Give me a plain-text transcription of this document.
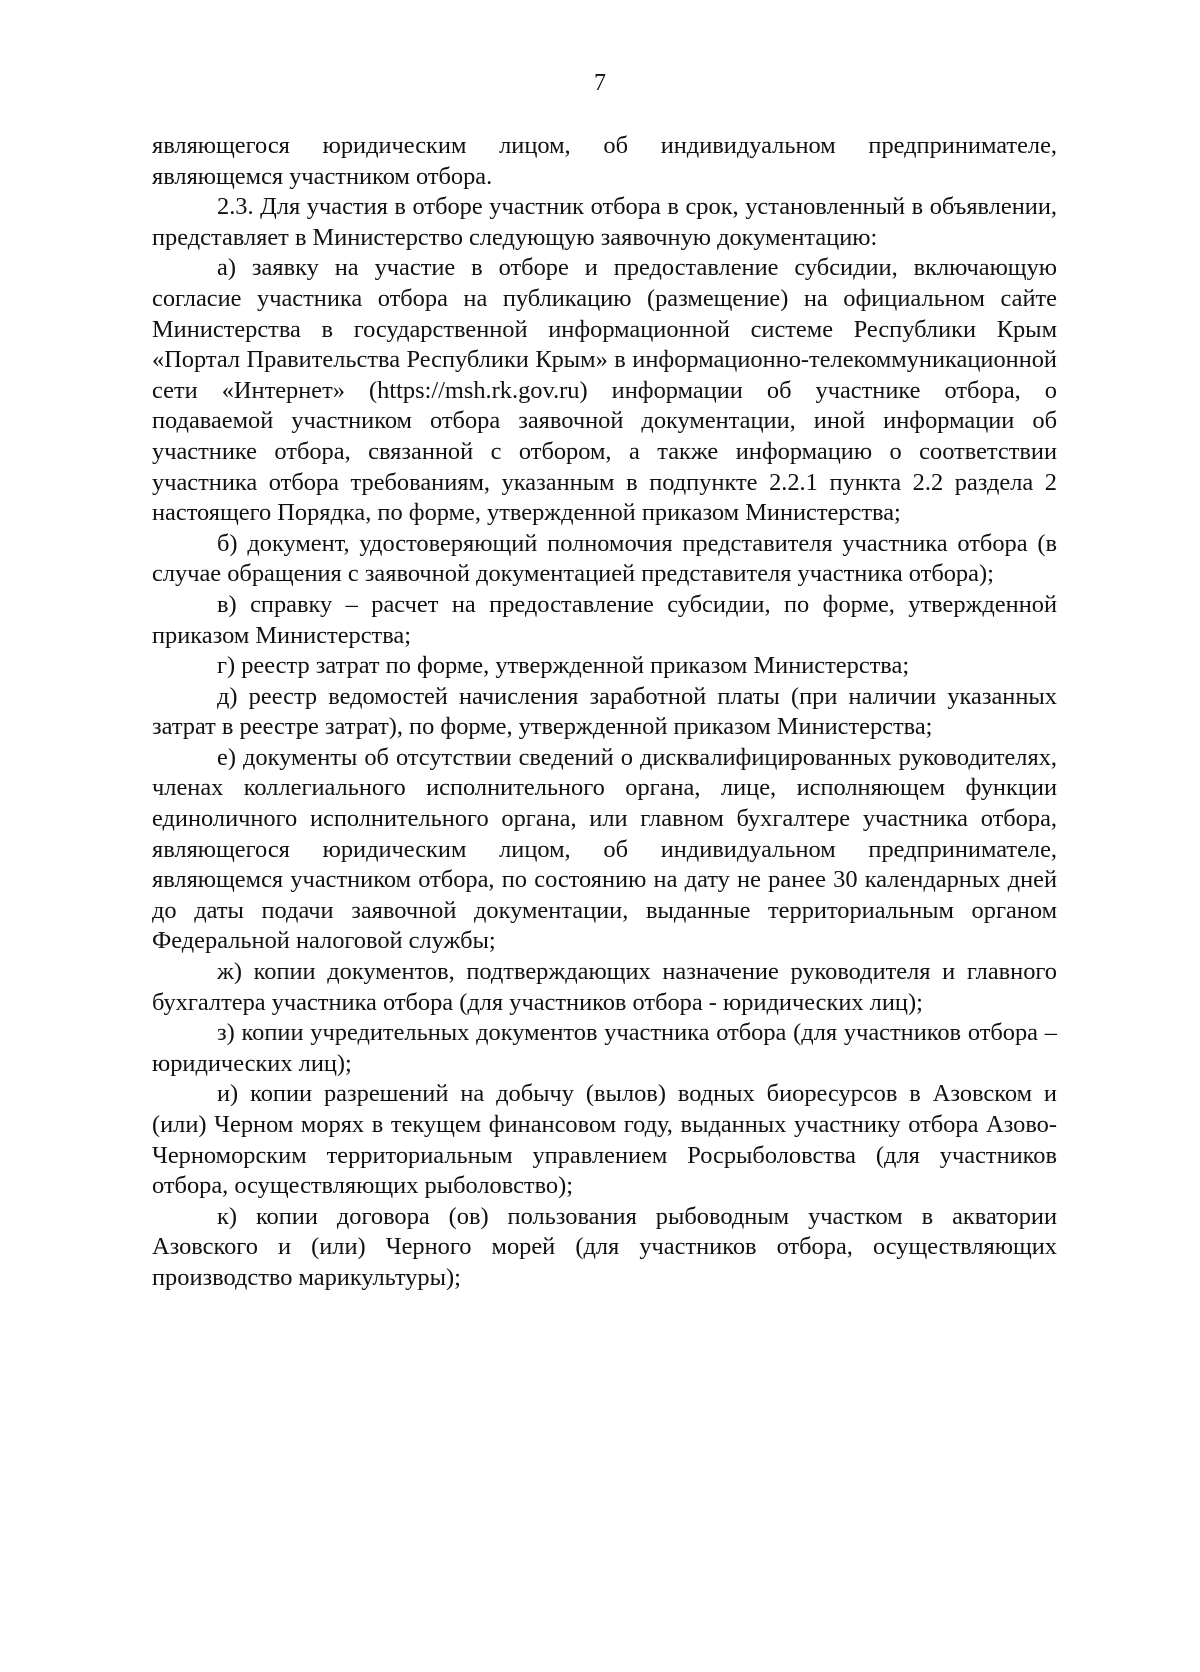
7

являющегося юридическим лицом, об индивидуальном предпринимателе, являющемся участником отбора.

2.3. Для участия в отборе участник отбора в срок, установленный в объявлении, представляет в Министерство следующую заявочную документацию:

а) заявку на участие в отборе и предоставление субсидии, включающую согласие участника отбора на публикацию (размещение) на официальном сайте Министерства в государственной информационной системе Республики Крым «Портал Правительства Республики Крым» в информационно-телекоммуникационной сети «Интернет» (https://msh.rk.gov.ru) информации об участнике отбора, о подаваемой участником отбора заявочной документации, иной информации об участнике отбора, связанной с отбором, а также информацию о соответствии участника отбора требованиям, указанным в подпункте 2.2.1 пункта 2.2 раздела 2 настоящего Порядка, по форме, утвержденной приказом Министерства;

б) документ, удостоверяющий полномочия представителя участника отбора (в случае обращения с заявочной документацией представителя участника отбора);

в) справку – расчет на предоставление субсидии, по форме, утвержденной приказом Министерства;

г) реестр затрат по форме, утвержденной приказом Министерства;

д) реестр ведомостей начисления заработной платы (при наличии указанных затрат в реестре затрат), по форме, утвержденной приказом Министерства;

е) документы об отсутствии сведений о дисквалифицированных руководителях, членах коллегиального исполнительного органа, лице, исполняющем функции единоличного исполнительного органа, или главном бухгалтере участника отбора, являющегося юридическим лицом, об индивидуальном предпринимателе, являющемся участником отбора, по состоянию на дату не ранее 30 календарных дней до даты подачи заявочной документации, выданные территориальным органом Федеральной налоговой службы;

ж) копии документов, подтверждающих назначение руководителя и главного бухгалтера участника отбора (для участников отбора - юридических лиц);

з) копии учредительных документов участника отбора (для участников отбора – юридических лиц);

и) копии разрешений на добычу (вылов) водных биоресурсов в Азовском и (или) Черном морях в текущем финансовом году, выданных участнику отбора Азово-Черноморским территориальным управлением Росрыболовства (для участников отбора, осуществляющих рыболовство);

к) копии договора (ов) пользования рыбоводным участком в акватории Азовского и (или) Черного морей (для участников отбора, осуществляющих производство марикультуры);
